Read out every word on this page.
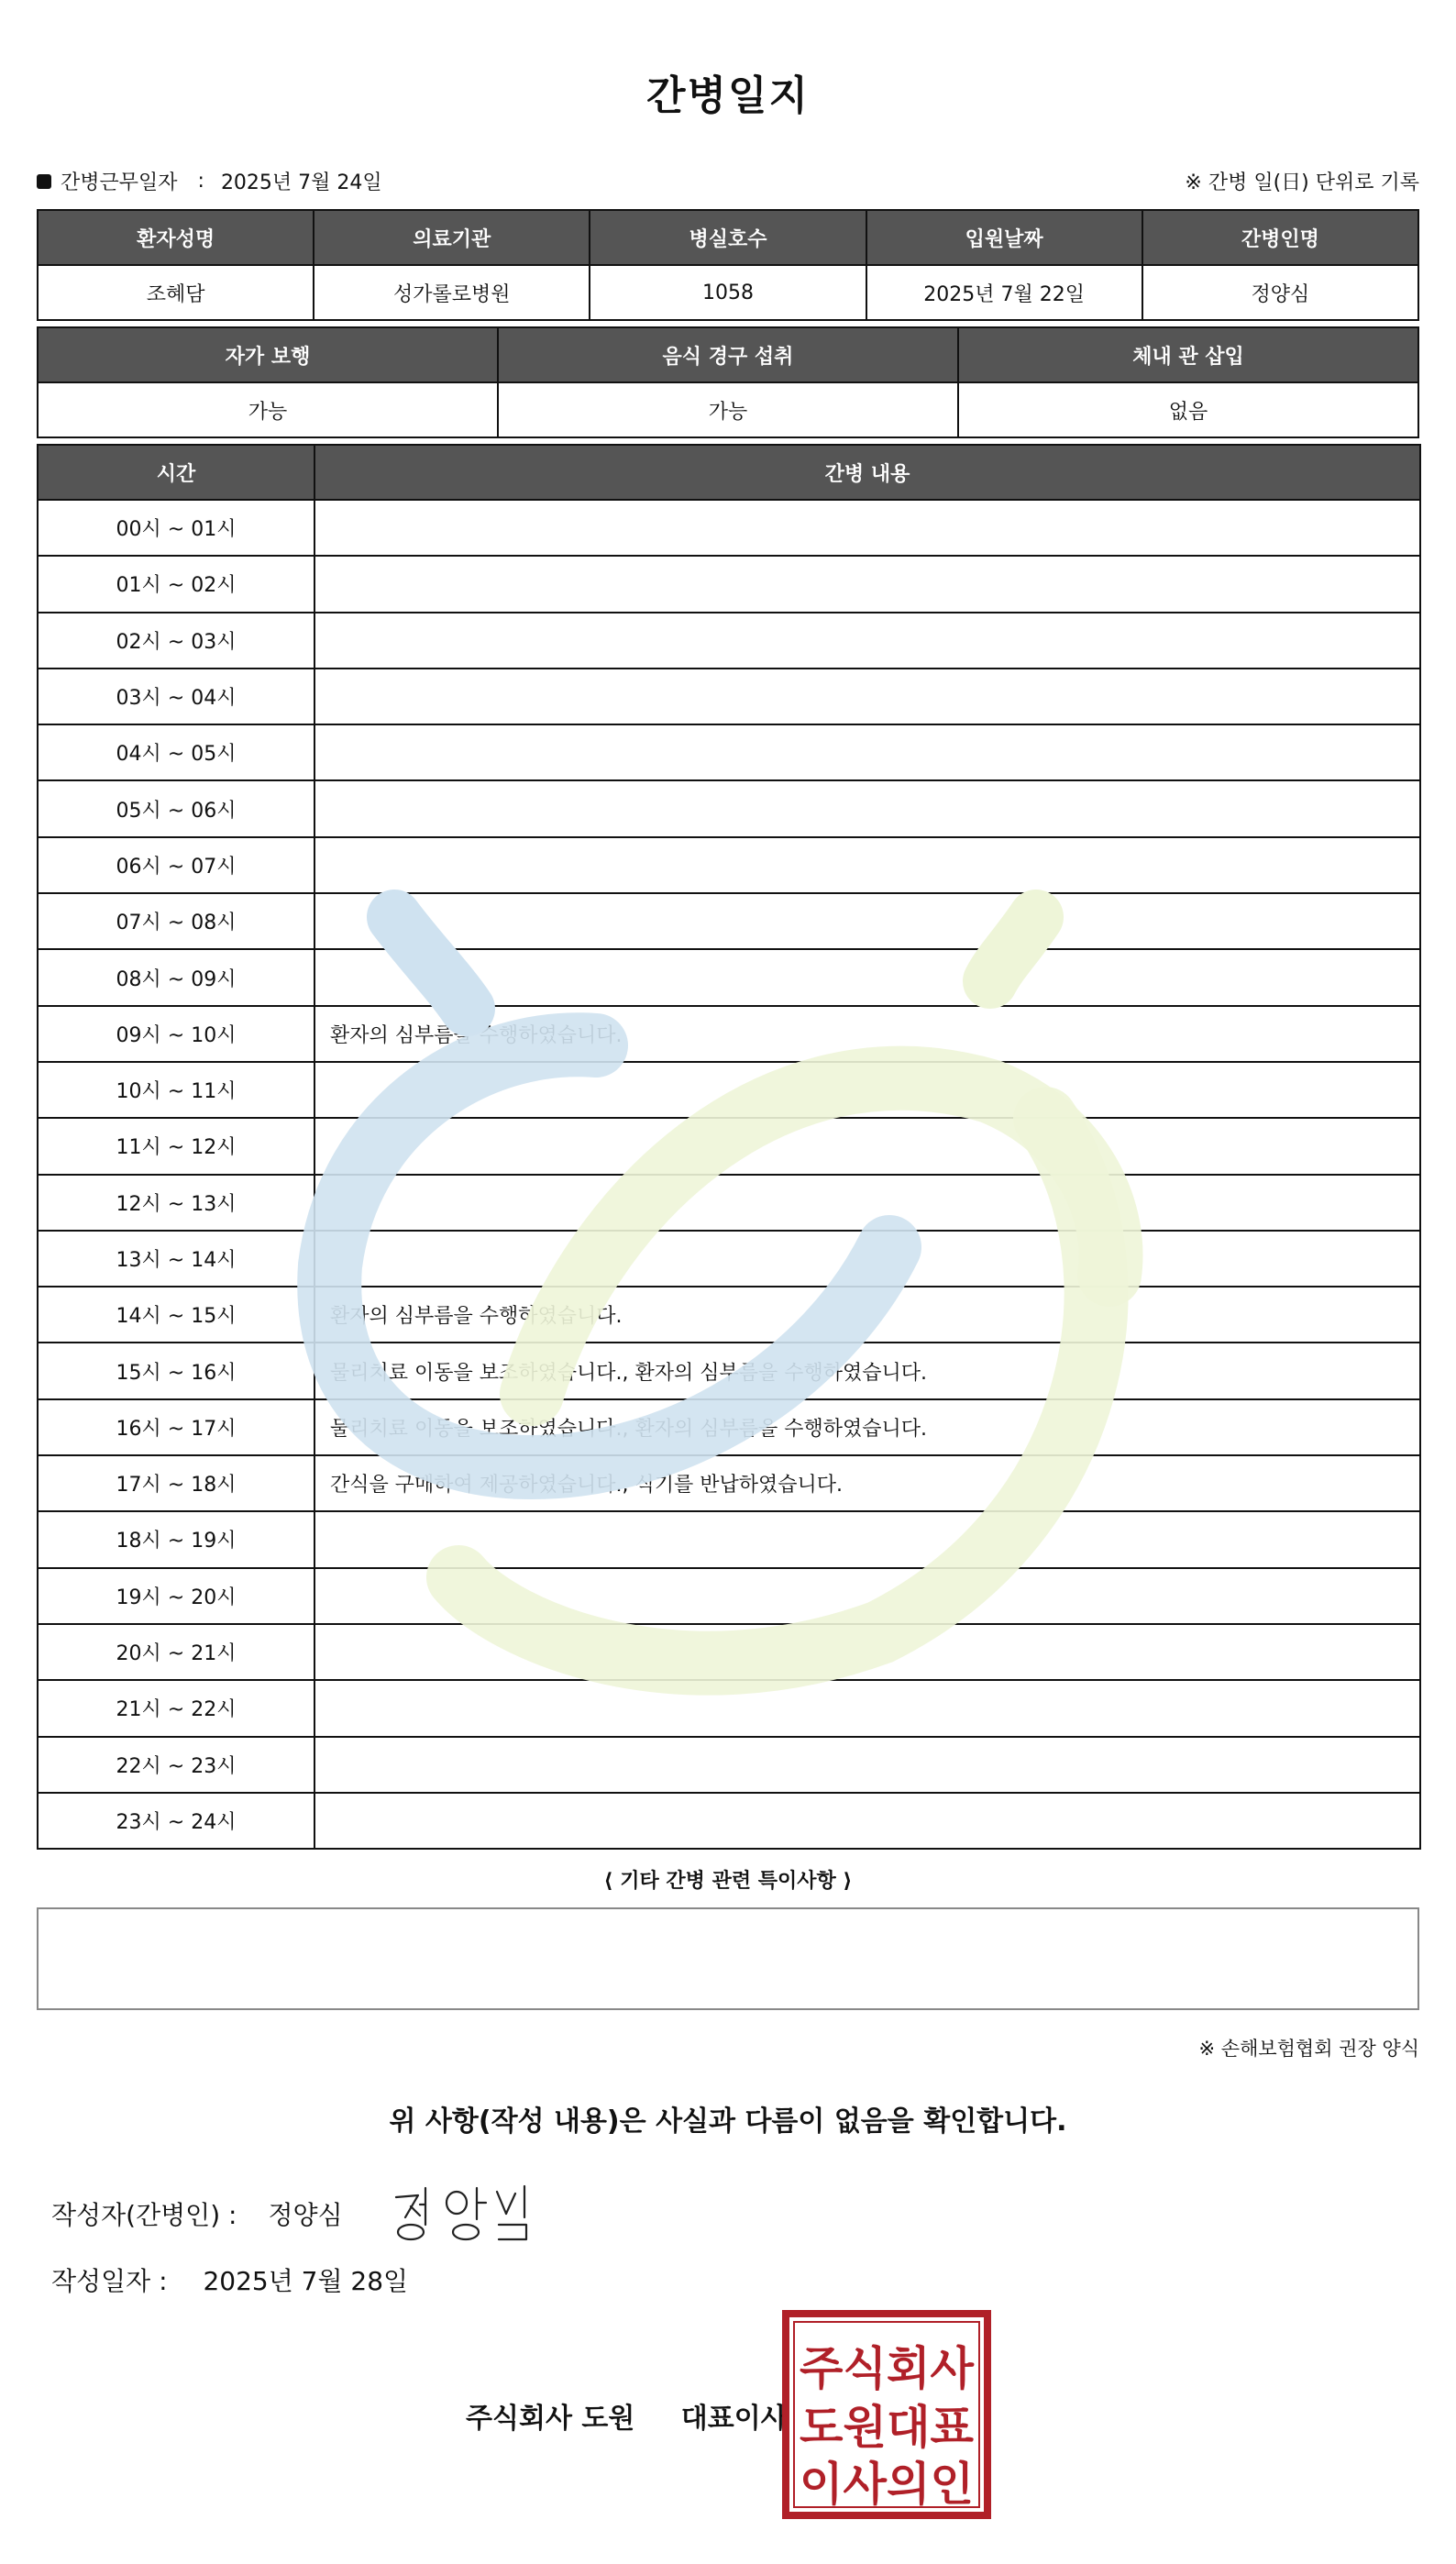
간병일지
간병근무일자 : 2025년 7월 24일	※ 간병 일(日) 단위로 기록
환자성명	의료기관	병실호수	입원날짜	간병인명
조혜담	성가롤로병원	1058	2025년 7월 22일	정양심
자가 보행	음식 경구 섭취	체내 관 삽입
가능	가능	없음
시간	간병 내용
00시 ~ 01시	
01시 ~ 02시	
02시 ~ 03시	
03시 ~ 04시	
04시 ~ 05시	
05시 ~ 06시	
06시 ~ 07시	
07시 ~ 08시	
08시 ~ 09시	
09시 ~ 10시	환자의 심부름을 수행하였습니다.
10시 ~ 11시	
11시 ~ 12시	
12시 ~ 13시	
13시 ~ 14시	
14시 ~ 15시	환자의 심부름을 수행하였습니다.
15시 ~ 16시	물리치료 이동을 보조하였습니다., 환자의 심부름을 수행하였습니다.
16시 ~ 17시	물리치료 이동을 보조하였습니다., 환자의 심부름을 수행하였습니다.
17시 ~ 18시	간식을 구매하여 제공하였습니다., 식기를 반납하였습니다.
18시 ~ 19시	
19시 ~ 20시	
20시 ~ 21시	
21시 ~ 22시	
22시 ~ 23시	
23시 ~ 24시	
⟨ 기타 간병 관련 특이사항 ⟩
※ 손해보험협회 권장 양식
위 사항(작성 내용)은 사실과 다름이 없음을 확인합니다.
작성자(간병인) : 정양심
작성일자 : 2025년 7월 28일
주식회사 도원 대표이사
주식회사
도원대표
이사의인
